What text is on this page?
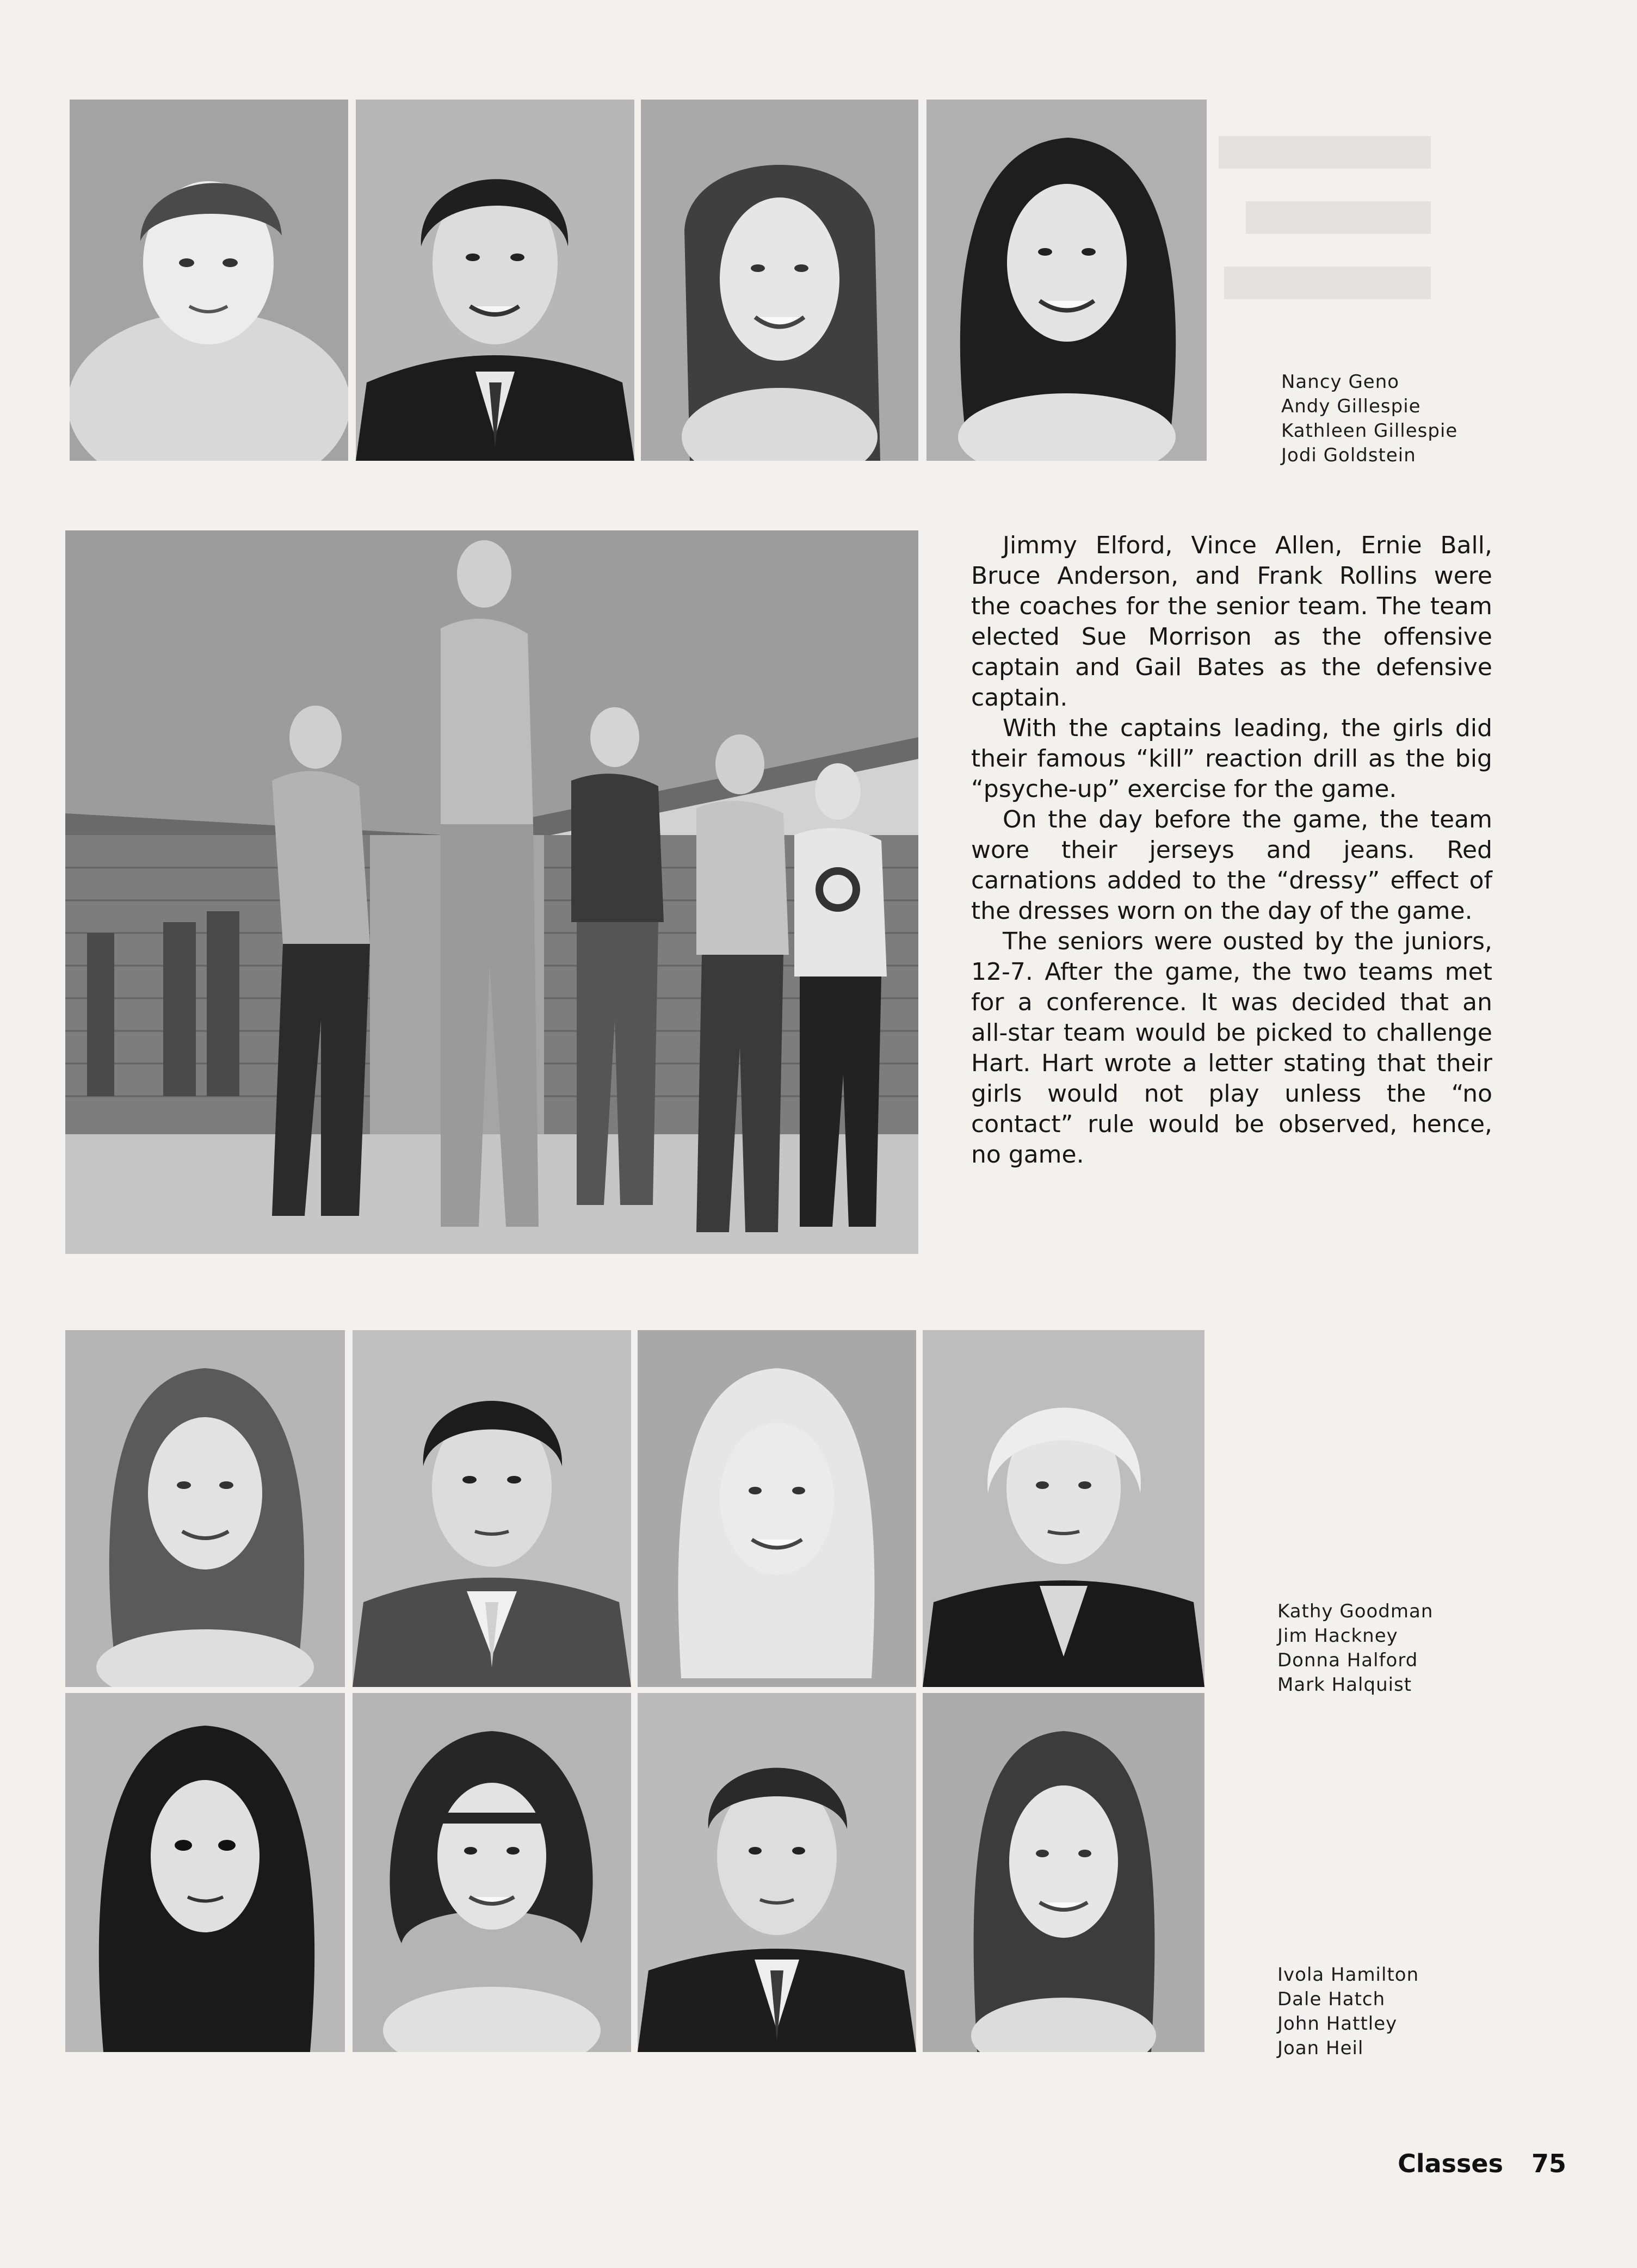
Nancy Geno
Andy Gillespie
Kathleen Gillespie
Jodi Goldstein

Jimmy Elford, Vince Allen, Ernie Ball, Bruce Anderson, and Frank Rollins were the coaches for the senior team. The team elected Sue Morrison as the offensive captain and Gail Bates as the defensive captain.

With the captains leading, the girls did their famous “kill” reaction drill as the big “psyche-up” exercise for the game.

On the day before the game, the team wore their jerseys and jeans. Red carnations added to the “dressy” effect of the dresses worn on the day of the game.

The seniors were ousted by the juniors, 12-7. After the game, the two teams met for a conference. It was decided that an all-star team would be picked to challenge Hart. Hart wrote a letter stating that their girls would not play unless the “no contact” rule would be observed, hence, no game.

Kathy Goodman
Jim Hackney
Donna Halford
Mark Halquist
Ivola Hamilton
Dale Hatch
John Hattley
Joan Heil
Classes 75
